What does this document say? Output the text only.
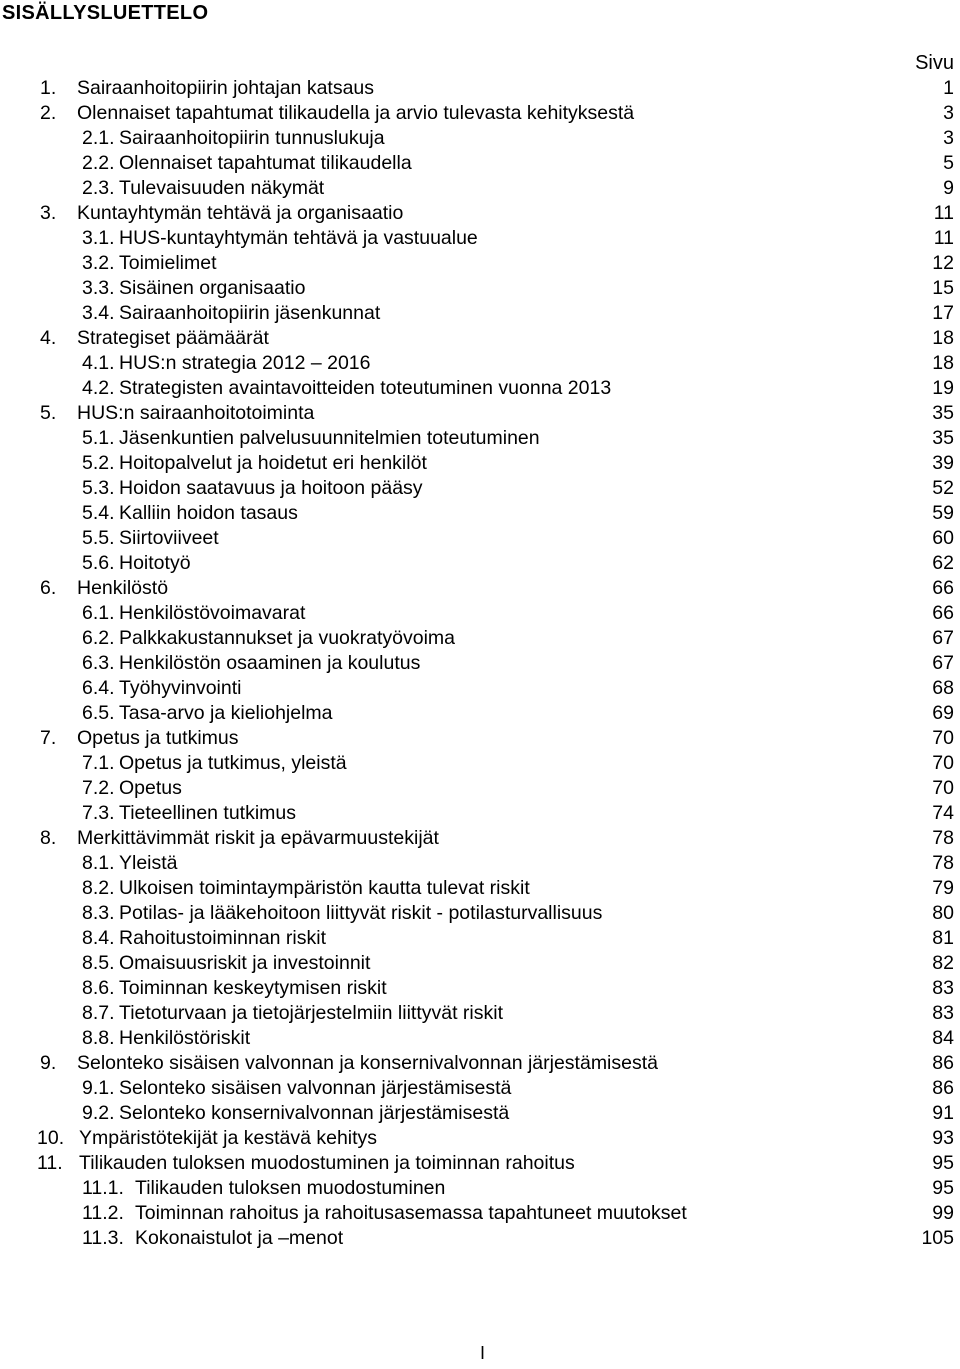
SISÄLLYSLUETTELO
Sivu
1. Sairaanhoitopiirin johtajan katsaus	1
2. Olennaiset tapahtumat tilikaudella ja arvio tulevasta kehityksestä	3
2.1. Sairaanhoitopiirin tunnuslukuja	3
2.2. Olennaiset tapahtumat tilikaudella	5
2.3. Tulevaisuuden näkymät	9
3. Kuntayhtymän tehtävä ja organisaatio	11
3.1. HUS-kuntayhtymän tehtävä ja vastuualue	11
3.2. Toimielimet	12
3.3. Sisäinen organisaatio	15
3.4. Sairaanhoitopiirin jäsenkunnat	17
4. Strategiset päämäärät	18
4.1. HUS:n strategia 2012 – 2016	18
4.2. Strategisten avaintavoitteiden toteutuminen vuonna 2013	19
5. HUS:n sairaanhoitotoiminta	35
5.1. Jäsenkuntien palvelusuunnitelmien toteutuminen	35
5.2. Hoitopalvelut ja hoidetut eri henkilöt	39
5.3. Hoidon saatavuus ja hoitoon pääsy	52
5.4. Kalliin hoidon tasaus	59
5.5. Siirtoviiveet	60
5.6. Hoitotyö	62
6. Henkilöstö	66
6.1. Henkilöstövoimavarat	66
6.2. Palkkakustannukset ja vuokratyövoima	67
6.3. Henkilöstön osaaminen ja koulutus	67
6.4. Työhyvinvointi	68
6.5. Tasa-arvo ja kieliohjelma	69
7. Opetus ja tutkimus	70
7.1. Opetus ja tutkimus, yleistä	70
7.2. Opetus	70
7.3. Tieteellinen tutkimus	74
8. Merkittävimmät riskit ja epävarmuustekijät	78
8.1. Yleistä	78
8.2. Ulkoisen toimintaympäristön kautta tulevat riskit	79
8.3. Potilas- ja lääkehoitoon liittyvät riskit - potilasturvallisuus	80
8.4. Rahoitustoiminnan riskit	81
8.5. Omaisuusriskit ja investoinnit	82
8.6. Toiminnan keskeytymisen riskit	83
8.7. Tietoturvaan ja tietojärjestelmiin liittyvät riskit	83
8.8. Henkilöstöriskit	84
9. Selonteko sisäisen valvonnan ja konsernivalvonnan järjestämisestä	86
9.1. Selonteko sisäisen valvonnan järjestämisestä	86
9.2. Selonteko konsernivalvonnan järjestämisestä	91
10. Ympäristötekijät ja kestävä kehitys	93
11. Tilikauden tuloksen muodostuminen ja toiminnan rahoitus	95
11.1. Tilikauden tuloksen muodostuminen	95
11.2. Toiminnan rahoitus ja rahoitusasemassa tapahtuneet muutokset	99
11.3. Kokonaistulot ja –menot	105
I
